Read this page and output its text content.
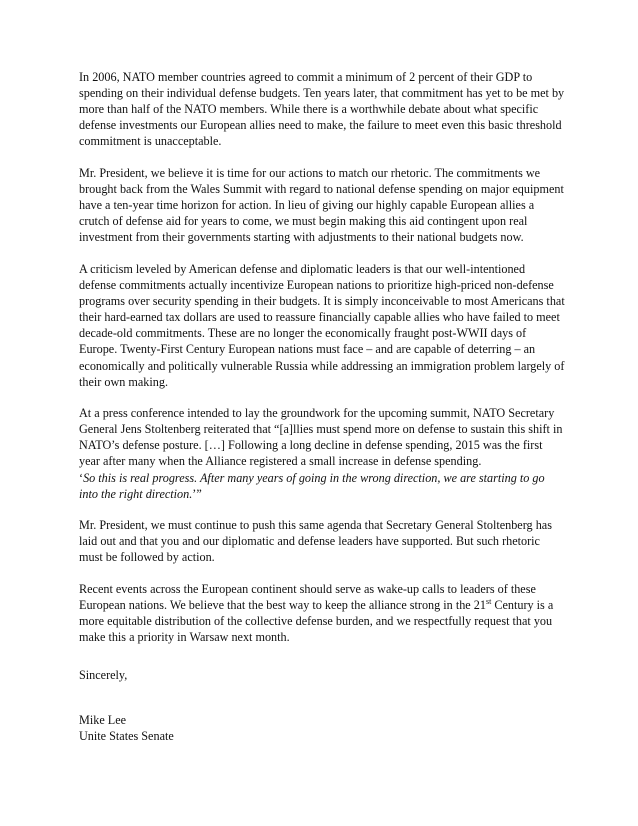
In 2006, NATO member countries agreed to commit a minimum of 2 percent of their GDP to spending on their individual defense budgets. Ten years later, that commitment has yet to be met by more than half of the NATO members. While there is a worthwhile debate about what specific defense investments our European allies need to make, the failure to meet even this basic threshold commitment is unacceptable.

Mr. President, we believe it is time for our actions to match our rhetoric. The commitments we brought back from the Wales Summit with regard to national defense spending on major equipment have a ten-year time horizon for action. In lieu of giving our highly capable European allies a crutch of defense aid for years to come, we must begin making this aid contingent upon real investment from their governments starting with adjustments to their national budgets now.

A criticism leveled by American defense and diplomatic leaders is that our well-intentioned defense commitments actually incentivize European nations to prioritize high-priced non-defense programs over security spending in their budgets. It is simply inconceivable to most Americans that their hard-earned tax dollars are used to reassure financially capable allies who have failed to meet decade-old commitments. These are no longer the economically fraught post-WWII days of Europe. Twenty-First Century European nations must face – and are capable of deterring – an economically and politically vulnerable Russia while addressing an immigration problem largely of their own making.

At a press conference intended to lay the groundwork for the upcoming summit, NATO Secretary General Jens Stoltenberg reiterated that “[a]llies must spend more on defense to sustain this shift in NATO’s defense posture. […] Following a long decline in defense spending, 2015 was the first year after many when the Alliance registered a small increase in defense spending.
‘So this is real progress. After many years of going in the wrong direction, we are starting to go into the right direction.’”

Mr. President, we must continue to push this same agenda that Secretary General Stoltenberg has laid out and that you and our diplomatic and defense leaders have supported. But such rhetoric must be followed by action.

Recent events across the European continent should serve as wake-up calls to leaders of these European nations. We believe that the best way to keep the alliance strong in the 21st Century is a more equitable distribution of the collective defense burden, and we respectfully request that you make this a priority in Warsaw next month.

Sincerely,

Mike Lee
Unite States Senate
